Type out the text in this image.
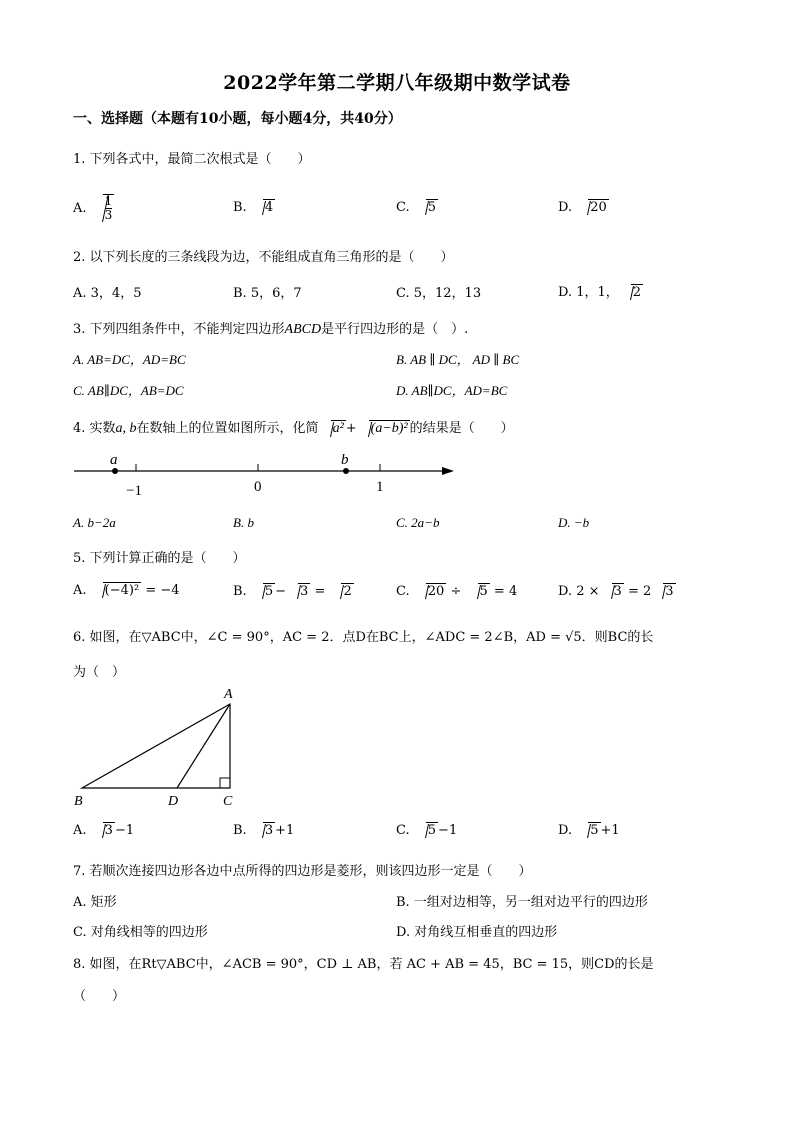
2022学年第二学期八年级期中数学试卷
一、选择题（本题有10小题，每小题4分，共40分）
1. 下列各式中，最简二次根式是（　　）
A. $\frac{1}{3}$	B. 4	C. 5	D. 20
2. 以下列长度的三条线段为边，不能组成直角三角形的是（　　）
A. 3，4，5	B. 5，6，7	C. 5，12，13	D. 1，1， 2
3. 下列四组条件中，不能判定四边形ABCD是平行四边形的是（　）.
A. AB=DC，AD=BC	B. AB ∥ DC， AD ∥ BC
C. AB∥DC，AB=DC	D. AB∥DC，AD=BC
4. 实数a, b在数轴上的位置如图所示，化简 a² + (a−b)² 的结果是（　　）
a	b
−1	0	1
A. b−2a	B. b	C. 2a−b	D. −b
5. 下列计算正确的是（　　）
A. (−4)² = −4	B. 5 − 3 = 2	C. 20 ÷ 5 = 4	D. 2 × 3 = 2 3
6. 如图，在▽ABC中，∠C = 90°，AC = 2．点D在BC上，∠ADC = 2∠B，AD = √5．则BC的长
为（　）
A
B	C
D
A. 3 −1	B. 3 +1	C. 5 −1	D. 5 +1
7. 若顺次连接四边形各边中点所得的四边形是菱形，则该四边形一定是（　　）
A. 矩形	B. 一组对边相等，另一组对边平行的四边形
C. 对角线相等的四边形	D. 对角线互相垂直的四边形
8. 如图，在Rt▽ABC中，∠ACB = 90°，CD ⊥ AB，若 AC + AB = 45，BC = 15，则CD的长是
（　　）
